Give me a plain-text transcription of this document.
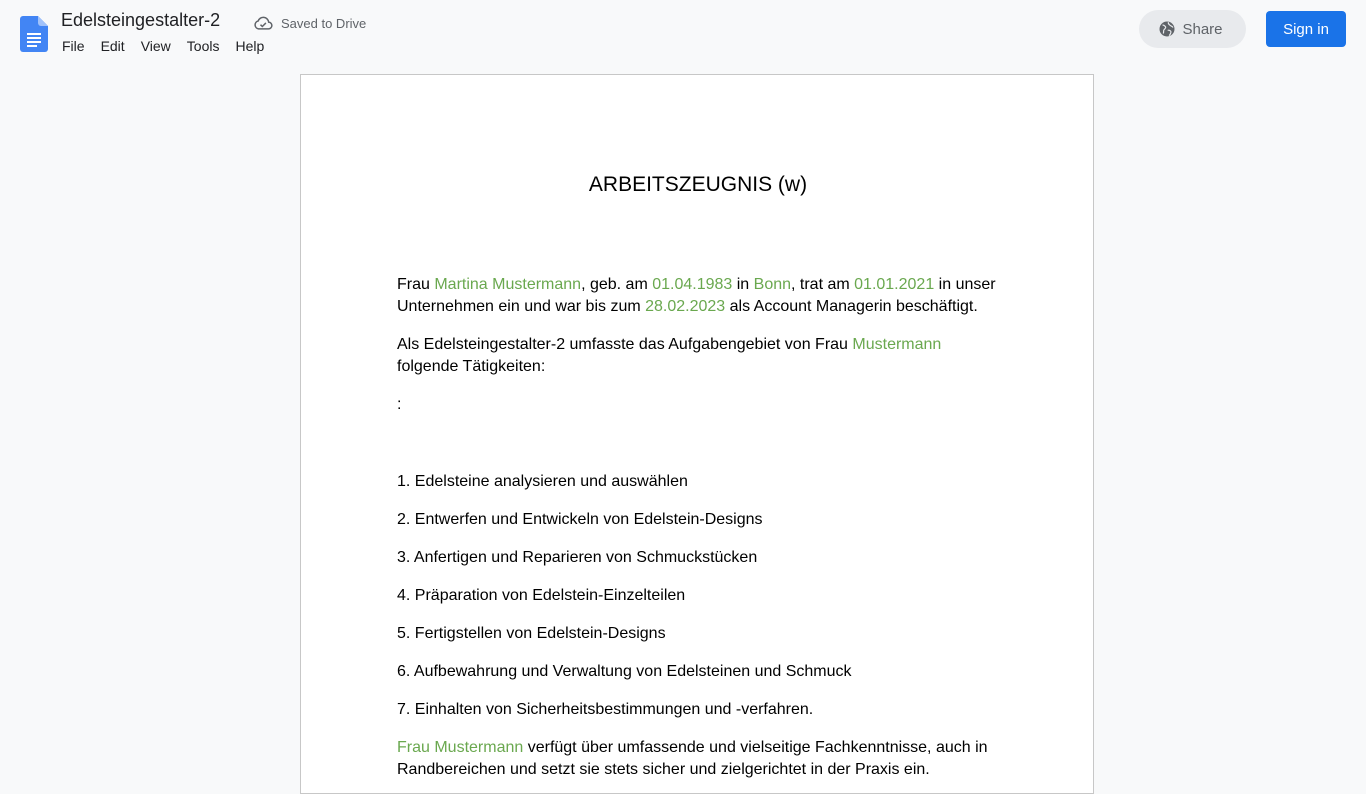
Edelsteingestalter-2	Saved to Drive
File	Edit	View	Tools	Help
Share	Sign in
ARBEITSZEUGNIS (w)

Frau Martina Mustermann, geb. am 01.04.1983 in Bonn, trat am 01.01.2021 in unser Unternehmen ein und war bis zum 28.02.2023 als Account Managerin beschäftigt.

Als Edelsteingestalter-2 umfasste das Aufgabengebiet von Frau Mustermann folgende Tätigkeiten:

:

1. Edelsteine analysieren und auswählen

2. Entwerfen und Entwickeln von Edelstein-Designs

3. Anfertigen und Reparieren von Schmuckstücken

4. Präparation von Edelstein-Einzelteilen

5. Fertigstellen von Edelstein-Designs

6. Aufbewahrung und Verwaltung von Edelsteinen und Schmuck

7. Einhalten von Sicherheitsbestimmungen und -verfahren.

Frau Mustermann verfügt über umfassende und vielseitige Fachkenntnisse, auch in Randbereichen und setzt sie stets sicher und zielgerichtet in der Praxis ein.
